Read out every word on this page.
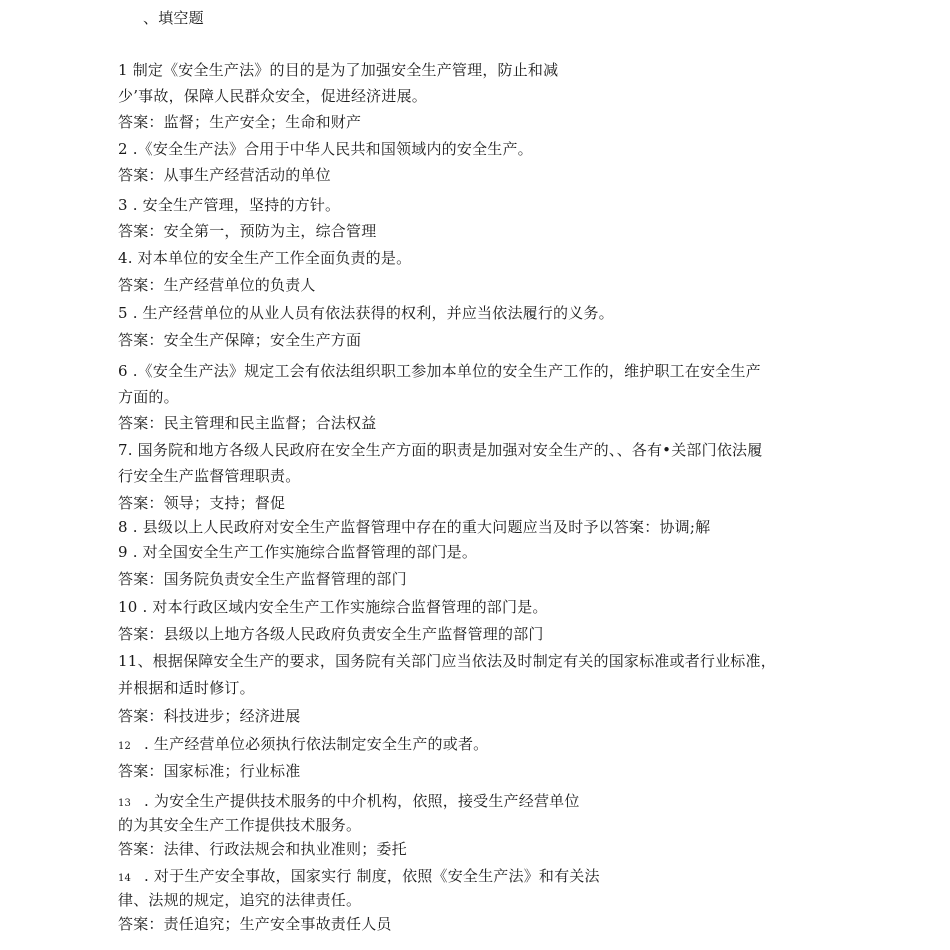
、填空题
1 制定《安全生产法》的目的是为了加强安全生产管理，防止和减
少’事故，保障人民群众安全，促进经济进展。
答案：监督；生产安全；生命和财产
2 .《安全生产法》合用于中华人民共和国领域内的安全生产。
答案：从事生产经营活动的单位
3 . 安全生产管理，坚持的方针。
答案：安全第一，预防为主，综合管理
4. 对本单位的安全生产工作全面负责的是。
答案：生产经营单位的负责人
5 . 生产经营单位的从业人员有依法获得的权利，并应当依法履行的义务。
答案：安全生产保障；安全生产方面
6 .《安全生产法》规定工会有依法组织职工参加本单位的安全生产工作的，维护职工在安全生产
方面的。
答案：民主管理和民主监督；合法权益
7. 国务院和地方各级人民政府在安全生产方面的职责是加强对安全生产的、、各有•关部门依法履
行安全生产监督管理职责。
答案：领导；支持；督促
8 . 县级以上人民政府对安全生产监督管理中存在的重大问题应当及时予以答案：协调;解
9 . 对全国安全生产工作实施综合监督管理的部门是。
答案：国务院负责安全生产监督管理的部门
10 . 对本行政区域内安全生产工作实施综合监督管理的部门是。
答案：县级以上地方各级人民政府负责安全生产监督管理的部门
11、根据保障安全生产的要求，国务院有关部门应当依法及时制定有关的国家标准或者行业标准，
并根据和适时修订。
答案：科技进步；经济进展
12 . 生产经营单位必须执行依法制定安全生产的或者。
答案：国家标准；行业标准
13 . 为安全生产提供技术服务的中介机构，依照，接受生产经营单位
的为其安全生产工作提供技术服务。
答案：法律、行政法规会和执业准则；委托
14 . 对于生产安全事故，国家实行 制度，依照《安全生产法》和有关法
律、法规的规定，追究的法律责任。
答案：责任追究；生产安全事故责任人员
